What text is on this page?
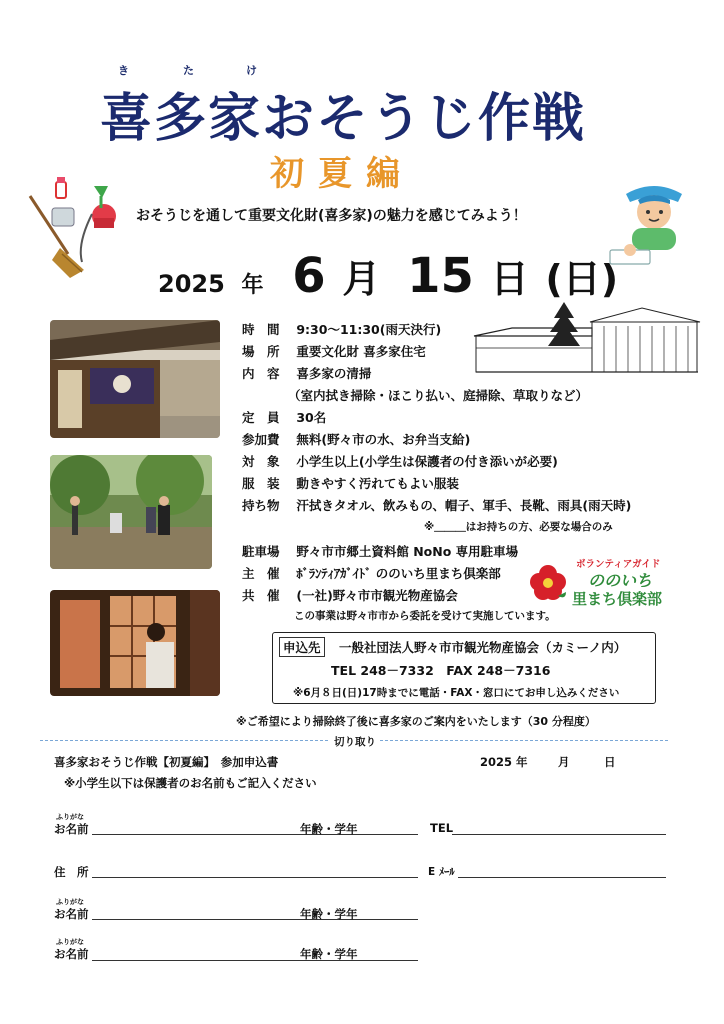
き	た	け
喜多家おそうじ作戦
初夏編
おそうじを通して重要文化財(喜多家)の魅力を感じてみよう！
2025 年 6 月 15 日 (日)
時　間 9:30〜11:30(雨天決行)
場　所 重要文化財 喜多家住宅
内　容 喜多家の清掃
（室内拭き掃除・ほこり払い、庭掃除、草取りなど）
定　員 30名
参加費 無料(野々市の水、お弁当支給)
対　象 小学生以上(小学生は保護者の付き添いが必要)
服　装 動きやすく汚れてもよい服装
持ち物 汗拭きタオル、飲みもの、帽子、軍手、長靴、雨具(雨天時)
※＿＿＿はお持ちの方、必要な場合のみ
駐車場 野々市市郷土資料館 NoNo 専用駐車場
主　催 ﾎﾞﾗﾝﾃｨｱｶﾞｲﾄﾞ ののいち里まち倶楽部
共　催 (一社)野々市市観光物産協会
この事業は野々市市から委託を受けて実施しています。
ボランティアガイド
ののいち
里まち倶楽部
申込先	一般社団法人野々市市観光物産協会（カミーノ内）
TEL 248－7332　FAX 248－7316
※6月８日(日)17時までに電話・FAX・窓口にてお申し込みください
※ご希望により掃除終了後に喜多家のご案内をいたします（30 分程度）
切り取り
喜多家おそうじ作戦【初夏編】　参加申込書	2025 年	月	日
※小学生以下は保護者のお名前もご記入ください
ふりがな
お名前	年齢・学年	TEL
住　所	E ﾒｰﾙ
ふりがな
お名前	年齢・学年
ふりがな
お名前	年齢・学年
